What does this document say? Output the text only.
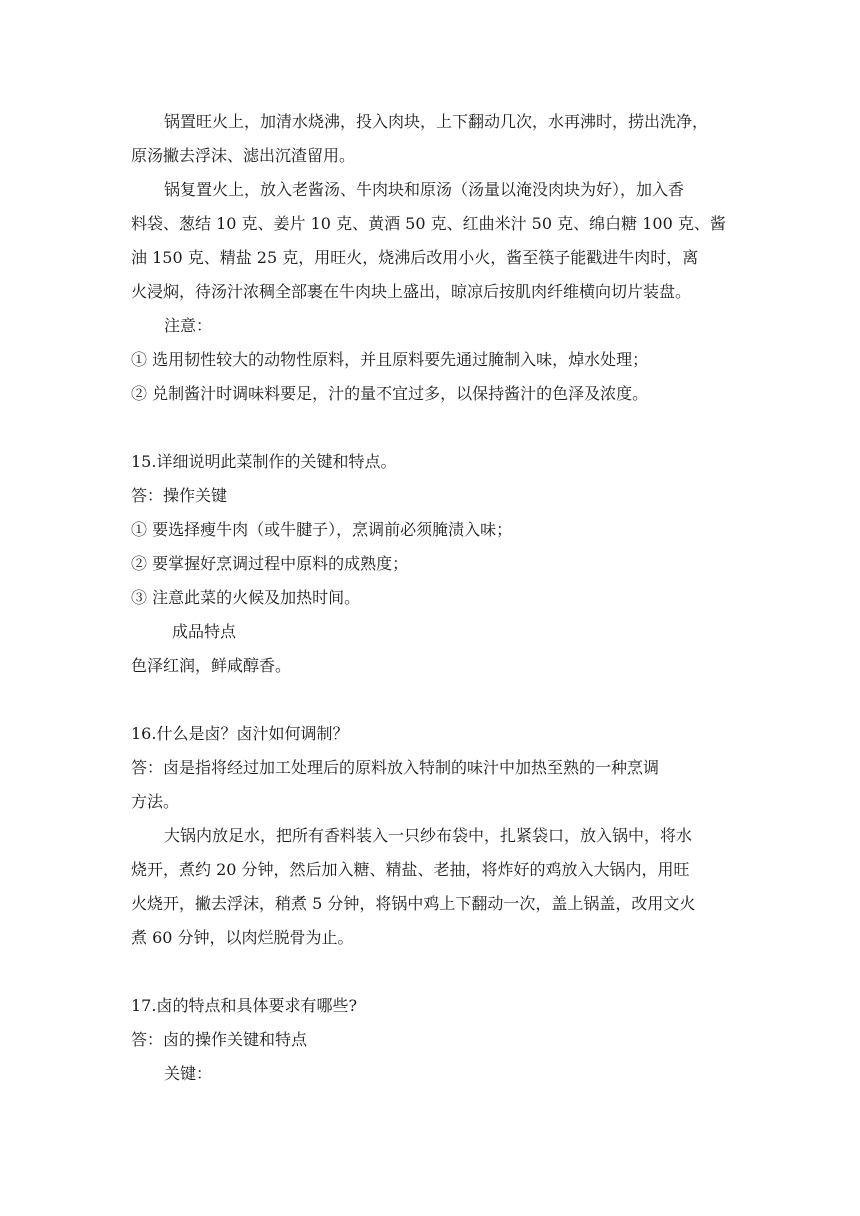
锅置旺火上，加清水烧沸，投入肉块，上下翻动几次，水再沸时，捞出洗净，
原汤撇去浮沫、滤出沉渣留用。
锅复置火上，放入老酱汤、牛肉块和原汤（汤量以淹没肉块为好），加入香
料袋、葱结 10 克、姜片 10 克、黄酒 50 克、红曲米汁 50 克、绵白糖 100 克、酱
油 150 克、精盐 25 克，用旺火，烧沸后改用小火，酱至筷子能戳进牛肉时，离
火浸焖，待汤汁浓稠全部裹在牛肉块上盛出，晾凉后按肌肉纤维横向切片装盘。
注意：
① 选用韧性较大的动物性原料，并且原料要先通过腌制入味，焯水处理；
② 兑制酱汁时调味料要足，汁的量不宜过多，以保持酱汁的色泽及浓度。
15.详细说明此菜制作的关键和特点。
答：操作关键
① 要选择瘦牛肉（或牛腱子），烹调前必须腌渍入味；
② 要掌握好烹调过程中原料的成熟度；
③ 注意此菜的火候及加热时间。
成品特点
色泽红润，鲜咸醇香。
16.什么是卤？卤汁如何调制？
答：卤是指将经过加工处理后的原料放入特制的味汁中加热至熟的一种烹调
方法。
大锅内放足水，把所有香料装入一只纱布袋中，扎紧袋口，放入锅中，将水
烧开，煮约 20 分钟，然后加入糖、精盐、老抽，将炸好的鸡放入大锅内，用旺
火烧开，撇去浮沫，稍煮 5 分钟，将锅中鸡上下翻动一次，盖上锅盖，改用文火
煮 60 分钟，以肉烂脱骨为止。
17.卤的特点和具体要求有哪些?
答：卤的操作关键和特点
关键：
